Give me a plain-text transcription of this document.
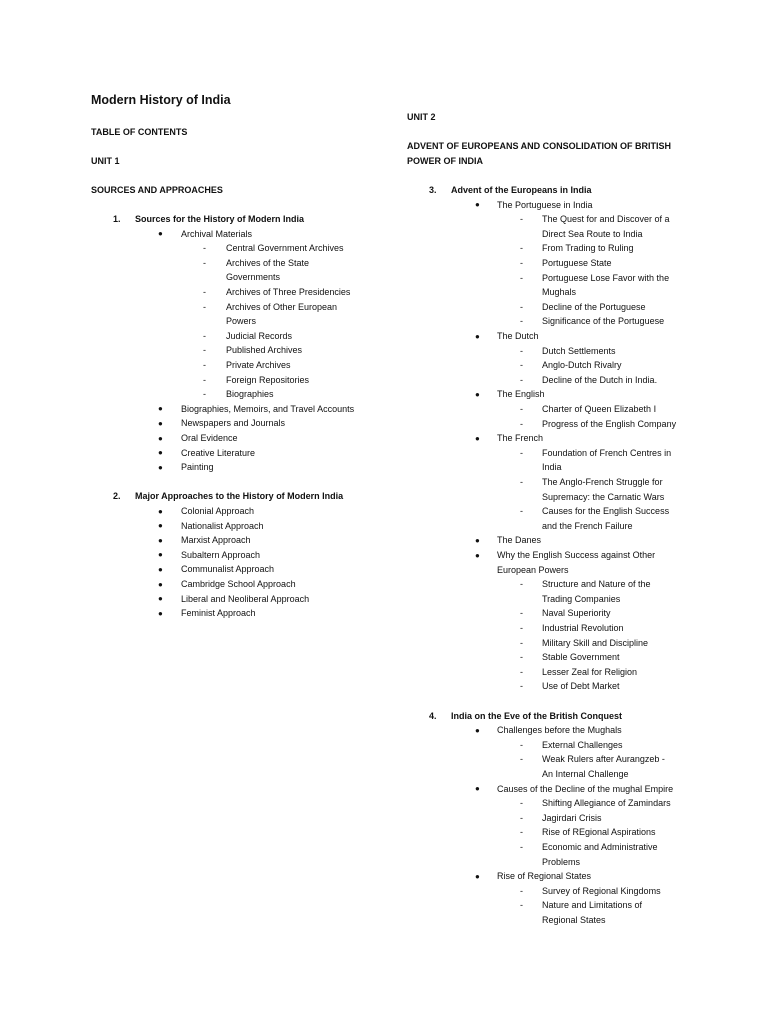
Modern History of India
TABLE OF CONTENTS
UNIT 1
SOURCES AND APPROACHES
1. Sources for the History of Modern India
● Archival Materials
- Central Government Archives
- Archives of the State
Governments
- Archives of Three Presidencies
- Archives of Other European
Powers
- Judicial Records
- Published Archives
- Private Archives
- Foreign Repositories
- Biographies
● Biographies, Memoirs, and Travel Accounts
● Newspapers and Journals
● Oral Evidence
● Creative Literature
● Painting
2. Major Approaches to the History of Modern India
● Colonial Approach
● Nationalist Approach
● Marxist Approach
● Subaltern Approach
● Communalist Approach
● Cambridge School Approach
● Liberal and Neoliberal Approach
● Feminist Approach
UNIT 2
ADVENT OF EUROPEANS AND CONSOLIDATION OF BRITISH
POWER OF INDIA
3. Advent of the Europeans in India
● The Portuguese in India
- The Quest for and Discover of a
Direct Sea Route to India
- From Trading to Ruling
- Portuguese State
- Portuguese Lose Favor with the
Mughals
- Decline of the Portuguese
- Significance of the Portuguese
● The Dutch
- Dutch Settlements
- Anglo-Dutch Rivalry
- Decline of the Dutch in India.
● The English
- Charter of Queen Elizabeth I
- Progress of the English Company
● The French
- Foundation of French Centres in
India
- The Anglo-French Struggle for
Supremacy: the Carnatic Wars
- Causes for the English Success
and the French Failure
● The Danes
● Why the English Success against Other
European Powers
- Structure and Nature of the
Trading Companies
- Naval Superiority
- Industrial Revolution
- Military Skill and Discipline
- Stable Government
- Lesser Zeal for Religion
- Use of Debt Market
4. India on the Eve of the British Conquest
● Challenges before the Mughals
- External Challenges
- Weak Rulers after Aurangzeb -
An Internal Challenge
● Causes of the Decline of the mughal Empire
- Shifting Allegiance of Zamindars
- Jagirdari Crisis
- Rise of REgional Aspirations
- Economic and Administrative
Problems
● Rise of Regional States
- Survey of Regional Kingdoms
- Nature and Limitations of
Regional States
